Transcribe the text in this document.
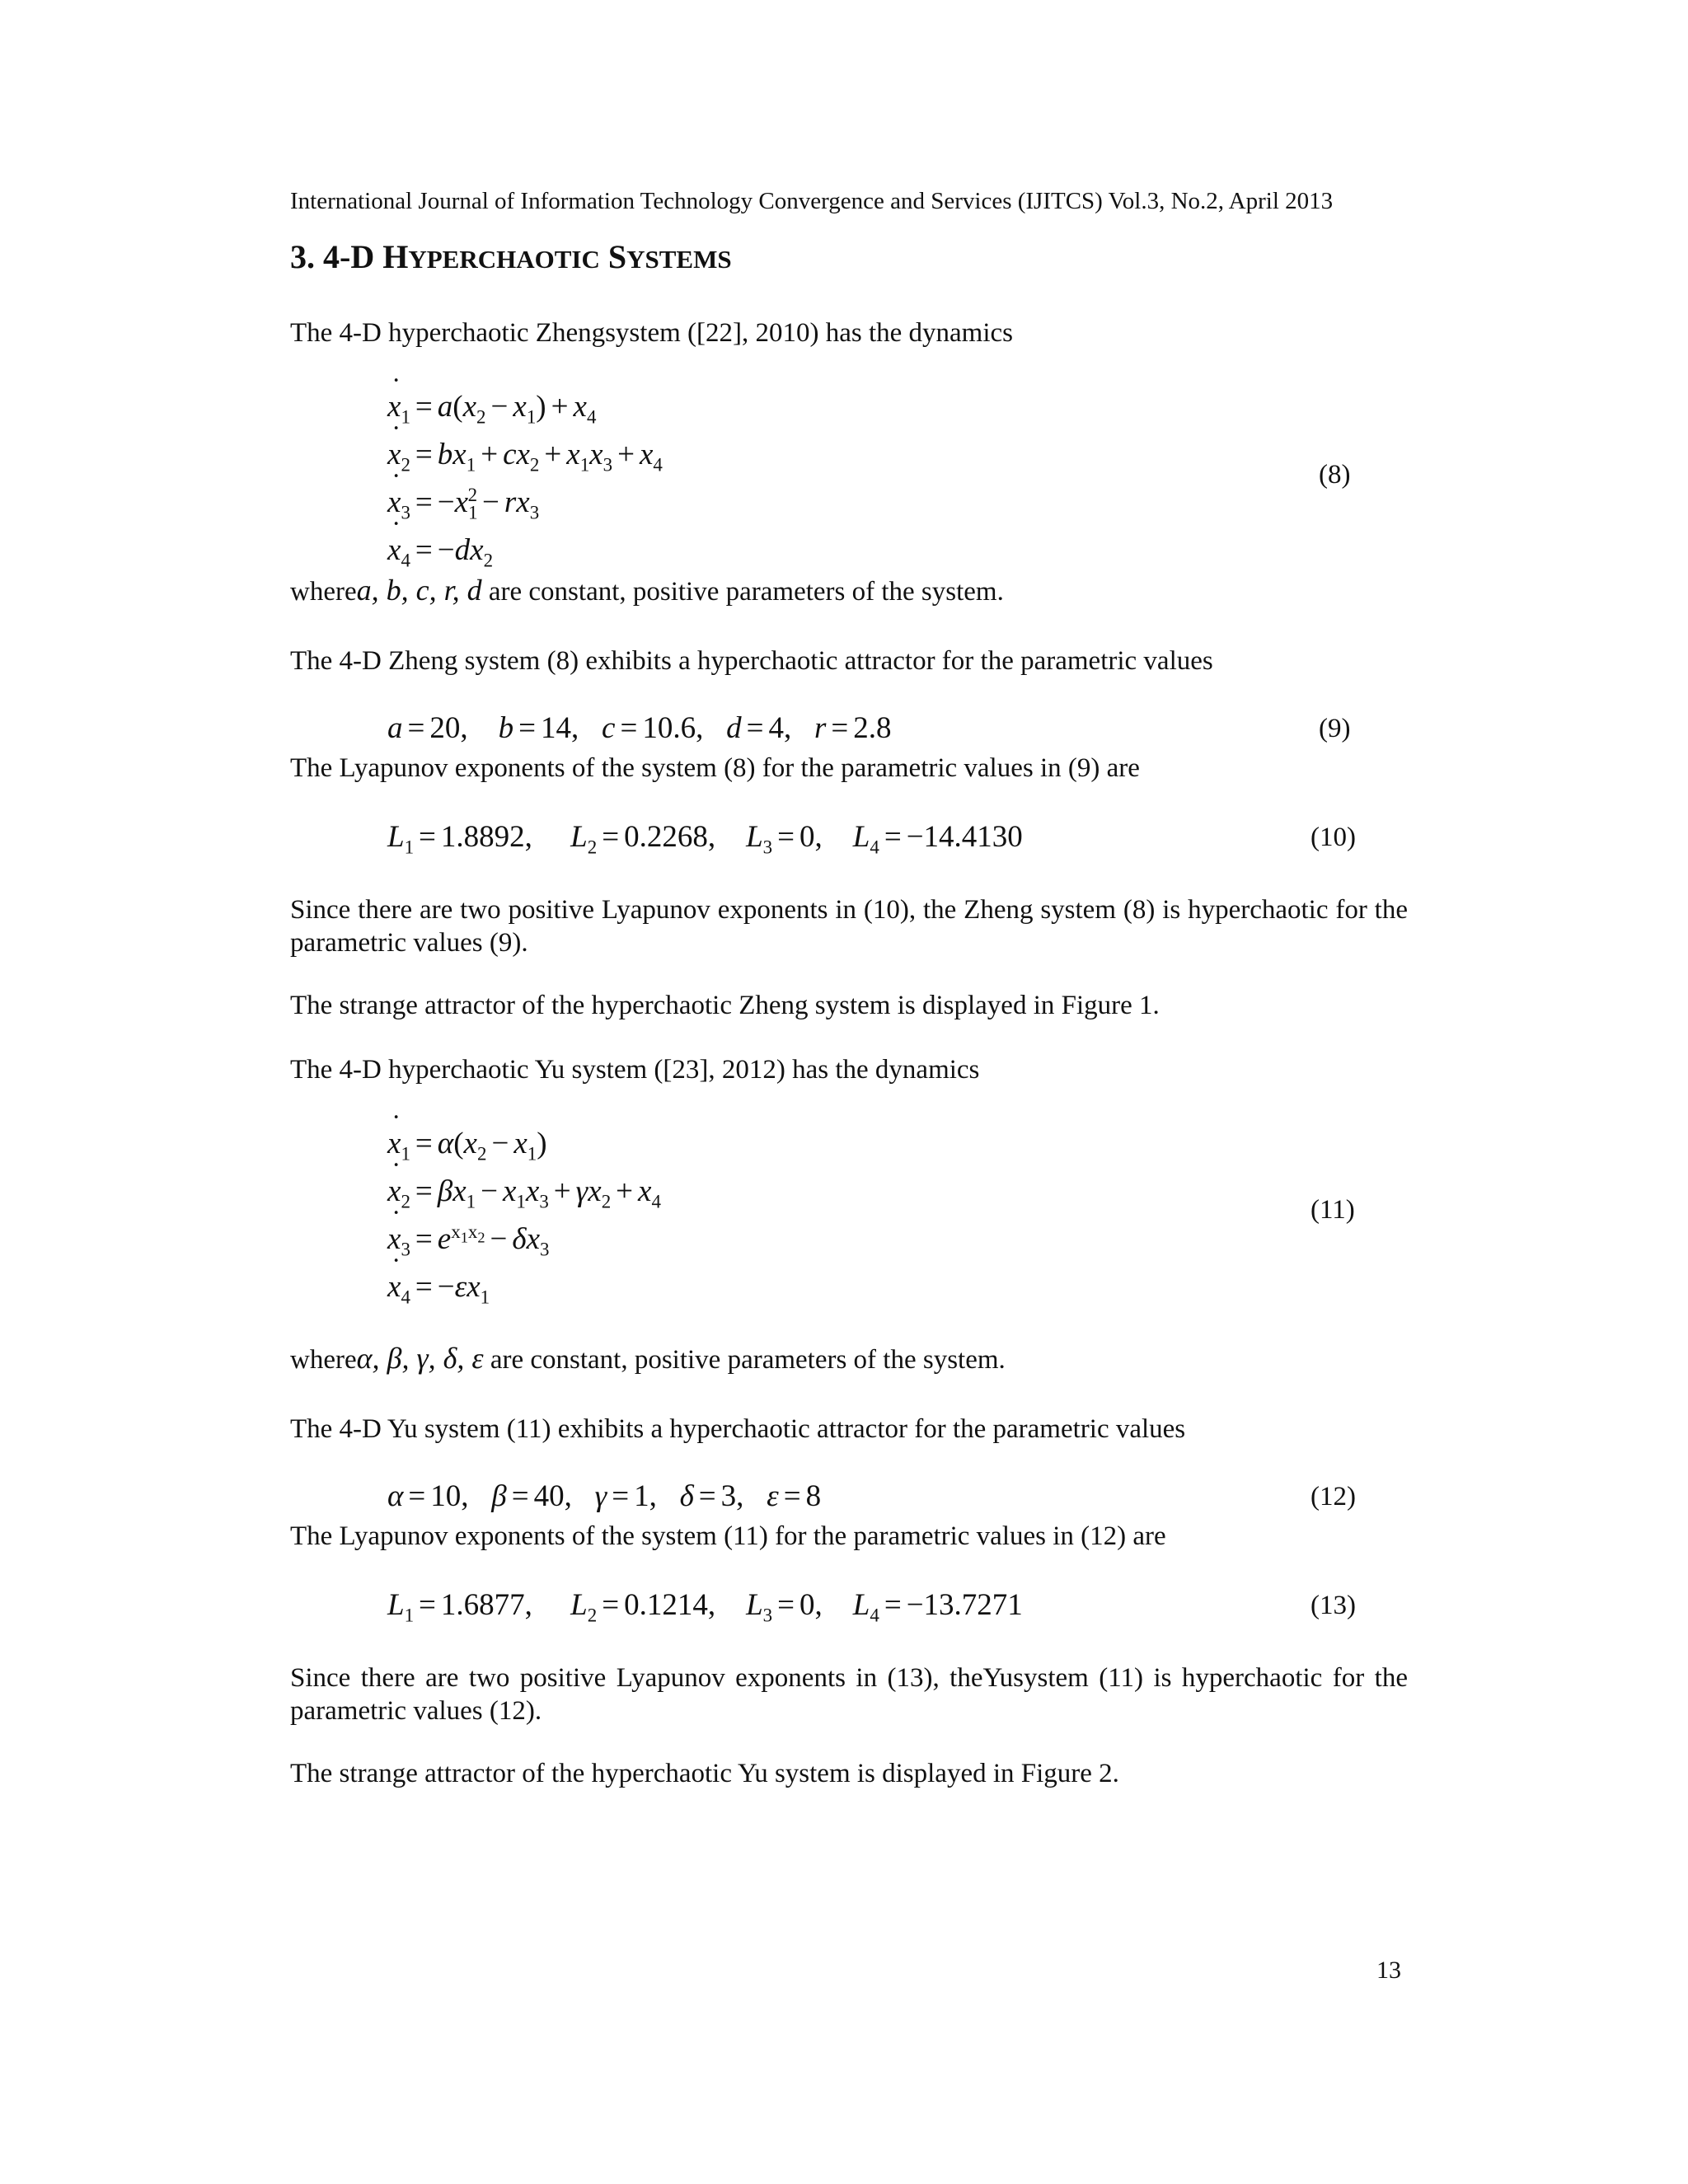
International Journal of Information Technology Convergence and Services (IJITCS) Vol.3, No.2, April 2013
3. 4-D HYPERCHAOTIC SYSTEMS
The 4-D hyperchaotic Zhengsystem ([22], 2010) has the dynamics
˙ $x_1 = a(x_2 - x_1) + x_4$
˙ $x_2 = bx_1 + cx_2 + x_1x_3 + x_4$
˙ $x_3 = -x_1^2 - rx_3$
˙ $x_4 = -dx_2$
(8)
wherea, b, c, r, d are constant, positive parameters of the system.
The 4-D Zheng system (8) exhibits a hyperchaotic attractor for the parametric values
a = 20,    b = 14,   c = 10.6,   d = 4,   r = 2.8	(9)
The Lyapunov exponents of the system (8) for the parametric values in (9) are
$L_1 = 1.8892$,     $L_2 = 0.2268$,    $L_3 = 0$,    $L_4 = -14.4130$	(10)
Since there are two positive Lyapunov exponents in (10), the Zheng system (8) is hyperchaotic for the parametric values (9).
The strange attractor of the hyperchaotic Zheng system is displayed in Figure 1.
The 4-D hyperchaotic Yu system ([23], 2012) has the dynamics
˙ $x_1 = \alpha(x_2 - x_1)$
˙ $x_2 = \beta x_1 - x_1x_3 + \gamma x_2 + x_4$
˙ $x_3 = e^{x_1x_2} - \delta x_3$
˙ $x_4 = -\varepsilon x_1$
(11)
whereα, β, γ, δ, ε are constant, positive parameters of the system.
The 4-D Yu system (11) exhibits a hyperchaotic attractor for the parametric values
α = 10,   β = 40,   γ = 1,   δ = 3,   ε = 8	(12)
The Lyapunov exponents of the system (11) for the parametric values in (12) are
$L_1 = 1.6877$,     $L_2 = 0.1214$,    $L_3 = 0$,    $L_4 = -13.7271$	(13)
Since there are two positive Lyapunov exponents in (13), theYusystem (11) is hyperchaotic for the parametric values (12).
The strange attractor of the hyperchaotic Yu system is displayed in Figure 2.
13
